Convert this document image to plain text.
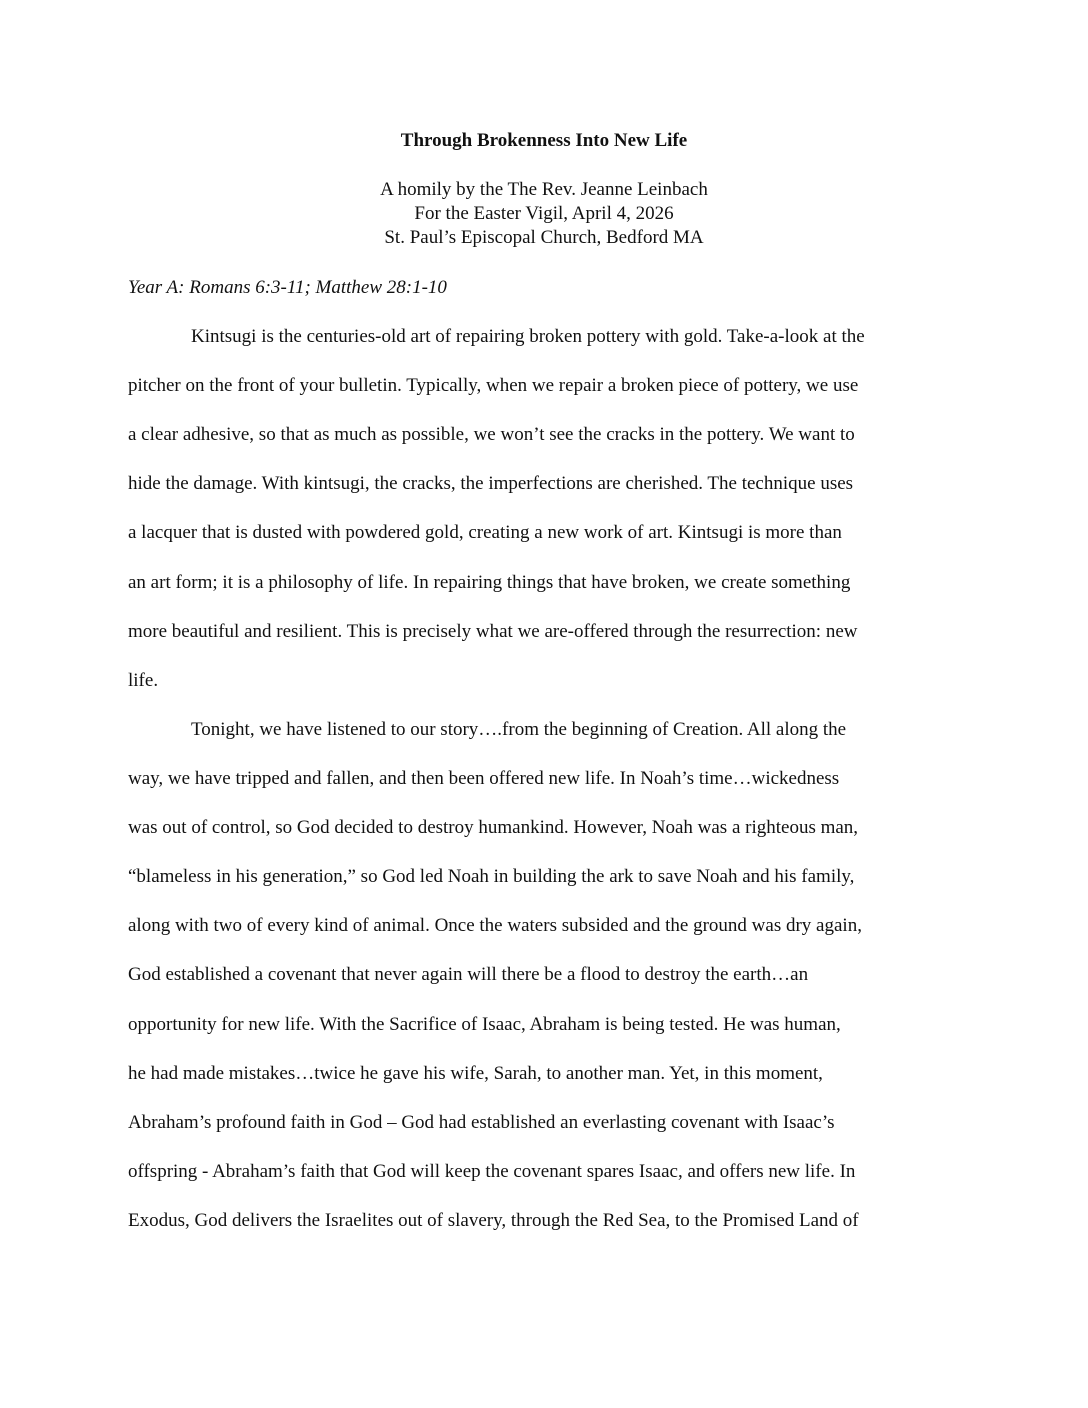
Through Brokenness Into New Life
A homily by the The Rev. Jeanne Leinbach
For the Easter Vigil, April 4, 2026
St. Paul’s Episcopal Church, Bedford MA

Year A: Romans 6:3-11; Matthew 28:1-10

Kintsugi is the centuries-old art of repairing broken pottery with gold. Take-a-look at the

pitcher on the front of your bulletin. Typically, when we repair a broken piece of pottery, we use

a clear adhesive, so that as much as possible, we won’t see the cracks in the pottery. We want to

hide the damage. With kintsugi, the cracks, the imperfections are cherished. The technique uses

a lacquer that is dusted with powdered gold, creating a new work of art. Kintsugi is more than

an art form; it is a philosophy of life. In repairing things that have broken, we create something

more beautiful and resilient. This is precisely what we are-offered through the resurrection: new

life.

Tonight, we have listened to our story….from the beginning of Creation. All along the

way, we have tripped and fallen, and then been offered new life. In Noah’s time…wickedness

was out of control, so God decided to destroy humankind. However, Noah was a righteous man,

“blameless in his generation,” so God led Noah in building the ark to save Noah and his family,

along with two of every kind of animal. Once the waters subsided and the ground was dry again,

God established a covenant that never again will there be a flood to destroy the earth…an

opportunity for new life. With the Sacrifice of Isaac, Abraham is being tested. He was human,

he had made mistakes…twice he gave his wife, Sarah, to another man. Yet, in this moment,

Abraham’s profound faith in God – God had established an everlasting covenant with Isaac’s

offspring - Abraham’s faith that God will keep the covenant spares Isaac, and offers new life. In

Exodus, God delivers the Israelites out of slavery, through the Red Sea, to the Promised Land of
